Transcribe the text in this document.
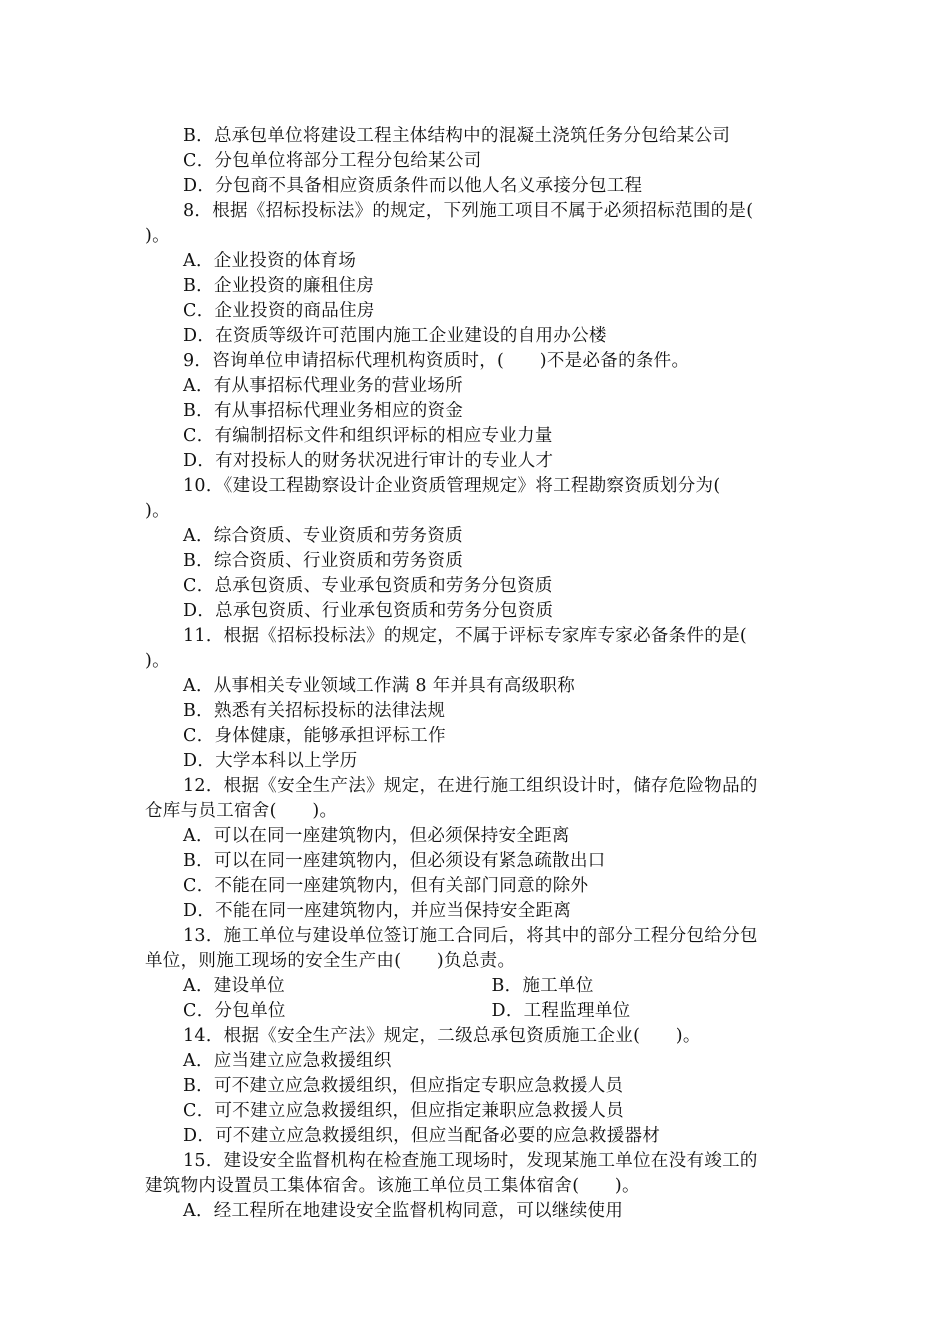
B．总承包单位将建设工程主体结构中的混凝土浇筑任务分包给某公司
C．分包单位将部分工程分包给某公司
D．分包商不具备相应资质条件而以他人名义承接分包工程
8．根据《招标投标法》的规定，下列施工项目不属于必须招标范围的是(
)。
A．企业投资的体育场
B．企业投资的廉租住房
C．企业投资的商品住房
D．在资质等级许可范围内施工企业建设的自用办公楼
9．咨询单位申请招标代理机构资质时，(　　)不是必备的条件。
A．有从事招标代理业务的营业场所
B．有从事招标代理业务相应的资金
C．有编制招标文件和组织评标的相应专业力量
D．有对投标人的财务状况进行审计的专业人才
10．《建设工程勘察设计企业资质管理规定》将工程勘察资质划分为(
)。
A．综合资质、专业资质和劳务资质
B．综合资质、行业资质和劳务资质
C．总承包资质、专业承包资质和劳务分包资质
D．总承包资质、行业承包资质和劳务分包资质
11．根据《招标投标法》的规定，不属于评标专家库专家必备条件的是(
)。
A．从事相关专业领域工作满 8 年并具有高级职称
B．熟悉有关招标投标的法律法规
C．身体健康，能够承担评标工作
D．大学本科以上学历
12．根据《安全生产法》规定，在进行施工组织设计时，储存危险物品的
仓库与员工宿舍(　　)。
A．可以在同一座建筑物内，但必须保持安全距离
B．可以在同一座建筑物内，但必须设有紧急疏散出口
C．不能在同一座建筑物内，但有关部门同意的除外
D．不能在同一座建筑物内，并应当保持安全距离
13．施工单位与建设单位签订施工合同后，将其中的部分工程分包给分包
单位，则施工现场的安全生产由(　　)负总责。
A．建设单位	B．施工单位
C．分包单位	D．工程监理单位
14．根据《安全生产法》规定，二级总承包资质施工企业(　　)。
A．应当建立应急救援组织
B．可不建立应急救援组织，但应指定专职应急救援人员
C．可不建立应急救援组织，但应指定兼职应急救援人员
D．可不建立应急救援组织，但应当配备必要的应急救援器材
15．建设安全监督机构在检查施工现场时，发现某施工单位在没有竣工的
建筑物内设置员工集体宿舍。该施工单位员工集体宿舍(　　)。
A．经工程所在地建设安全监督机构同意，可以继续使用
